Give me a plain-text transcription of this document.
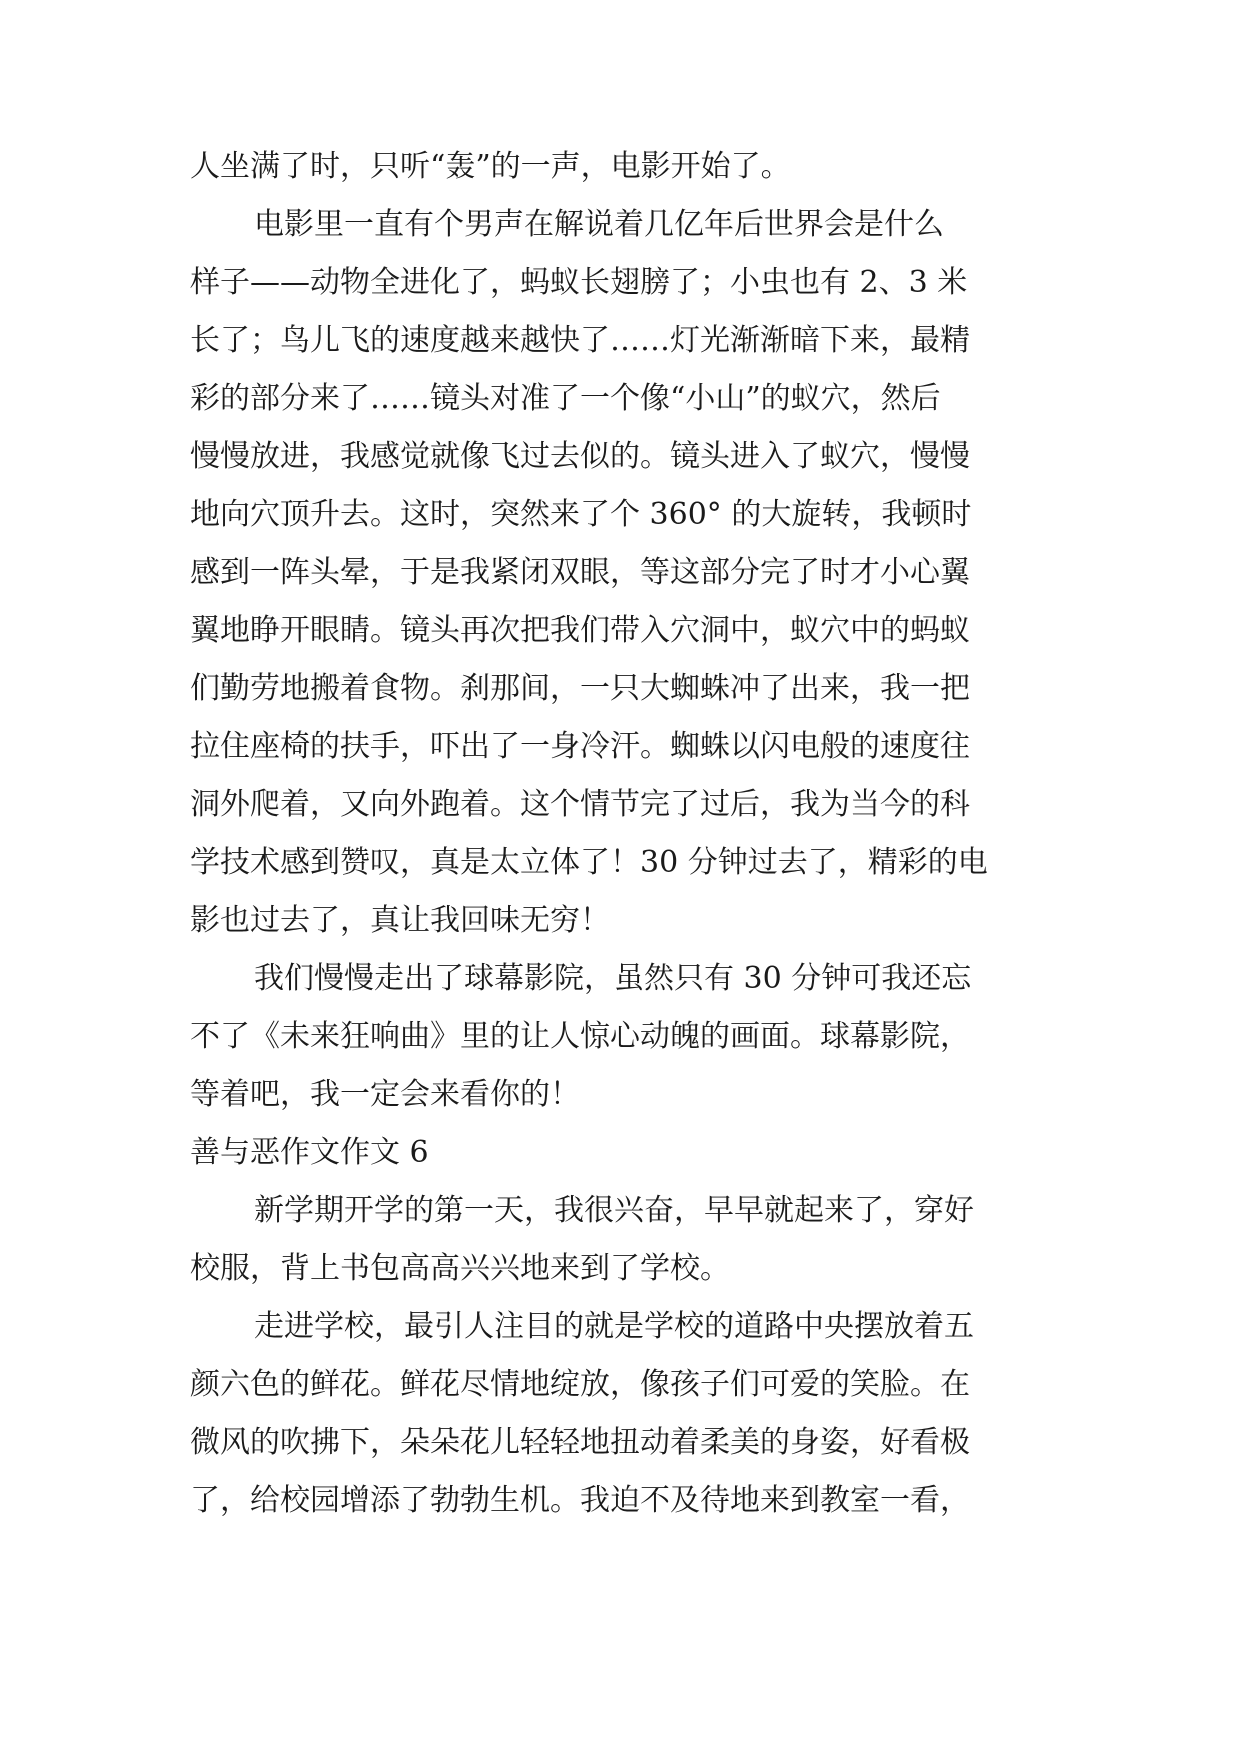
人坐满了时，只听“轰”的一声，电影开始了。
电影里一直有个男声在解说着几亿年后世界会是什么
样子——动物全进化了，蚂蚁长翅膀了；小虫也有 2、3 米
长了；鸟儿飞的速度越来越快了……灯光渐渐暗下来，最精
彩的部分来了……镜头对准了一个像“小山”的蚁穴，然后
慢慢放进，我感觉就像飞过去似的。镜头进入了蚁穴，慢慢
地向穴顶升去。这时，突然来了个 360° 的大旋转，我顿时
感到一阵头晕，于是我紧闭双眼，等这部分完了时才小心翼
翼地睁开眼睛。镜头再次把我们带入穴洞中，蚁穴中的蚂蚁
们勤劳地搬着食物。刹那间，一只大蜘蛛冲了出来，我一把
拉住座椅的扶手，吓出了一身冷汗。蜘蛛以闪电般的速度往
洞外爬着，又向外跑着。这个情节完了过后，我为当今的科
学技术感到赞叹，真是太立体了！30 分钟过去了，精彩的电
影也过去了，真让我回味无穷！
我们慢慢走出了球幕影院，虽然只有 30 分钟可我还忘
不了《未来狂响曲》里的让人惊心动魄的画面。球幕影院，
等着吧，我一定会来看你的！
善与恶作文作文 6
新学期开学的第一天，我很兴奋，早早就起来了，穿好
校服，背上书包高高兴兴地来到了学校。
走进学校，最引人注目的就是学校的道路中央摆放着五
颜六色的鲜花。鲜花尽情地绽放，像孩子们可爱的笑脸。在
微风的吹拂下，朵朵花儿轻轻地扭动着柔美的身姿，好看极
了，给校园增添了勃勃生机。我迫不及待地来到教室一看，
